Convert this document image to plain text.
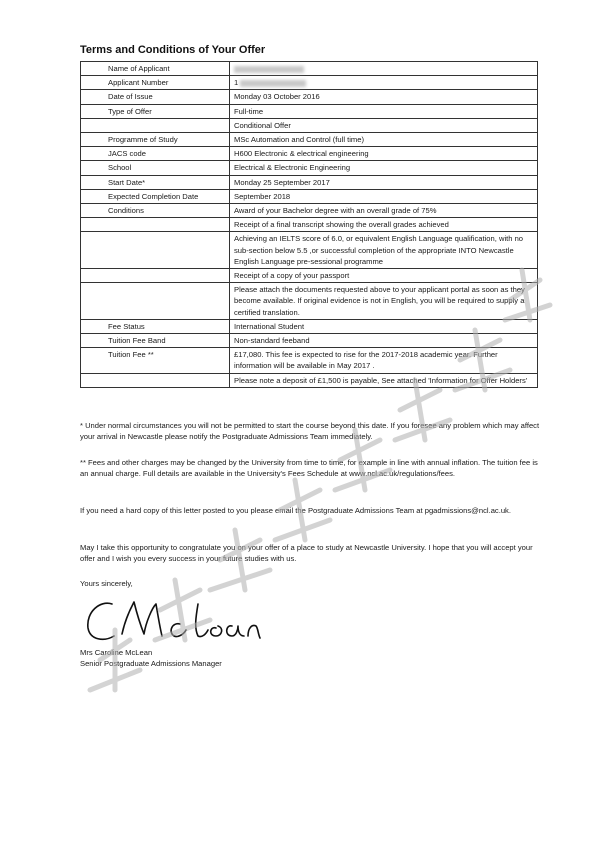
Terms and Conditions of Your Offer
Name of Applicant	
Applicant Number	1
Date of Issue	Monday 03 October 2016
Type of Offer	Full-time
	Conditional Offer
Programme of Study	MSc Automation and Control (full time)
JACS code	H600 Electronic & electrical engineering
School	Electrical & Electronic Engineering
Start Date*	Monday 25 September 2017
Expected Completion Date	September 2018
Conditions	Award of your Bachelor degree with an overall grade of 75%
	Receipt of a final transcript showing the overall grades achieved
	Achieving an IELTS score of 6.0, or equivalent English Language qualification, with no sub-section below 5.5 ,or successful completion of the appropriate INTO Newcastle English Language pre-sessional programme
	Receipt of a copy of your passport
	Please attach the documents requested above to your applicant portal as soon as they become available. If original evidence is not in English, you will be required to supply a certified translation.
Fee Status	International Student
Tuition Fee Band	Non-standard feeband
Tuition Fee **	£17,080. This fee is expected to rise for the 2017-2018 academic year. Further information will be available in May 2017 .
	Please note a deposit of £1,500 is payable, See attached 'Information for Offer Holders'
* Under normal circumstances you will not be permitted to start the course beyond this date. If you foresee any problem which may affect your arrival in Newcastle please notify the Postgraduate Admissions Team immediately.
** Fees and other charges may be changed by the University from time to time, for example in line with annual inflation. The tuition fee is an annual charge. Full details are available in the University's Fees Schedule at www.ncl.ac.uk/regulations/fees.
If you need a hard copy of this letter posted to you please email the Postgraduate Admissions Team at pgadmissions@ncl.ac.uk.
May I take this opportunity to congratulate you on your offer of a place to study at Newcastle University. I hope that you will accept your offer and I wish you every success in your future studies with us.
Yours sincerely,
Mrs Caroline McLean
Senior Postgraduate Admissions Manager
